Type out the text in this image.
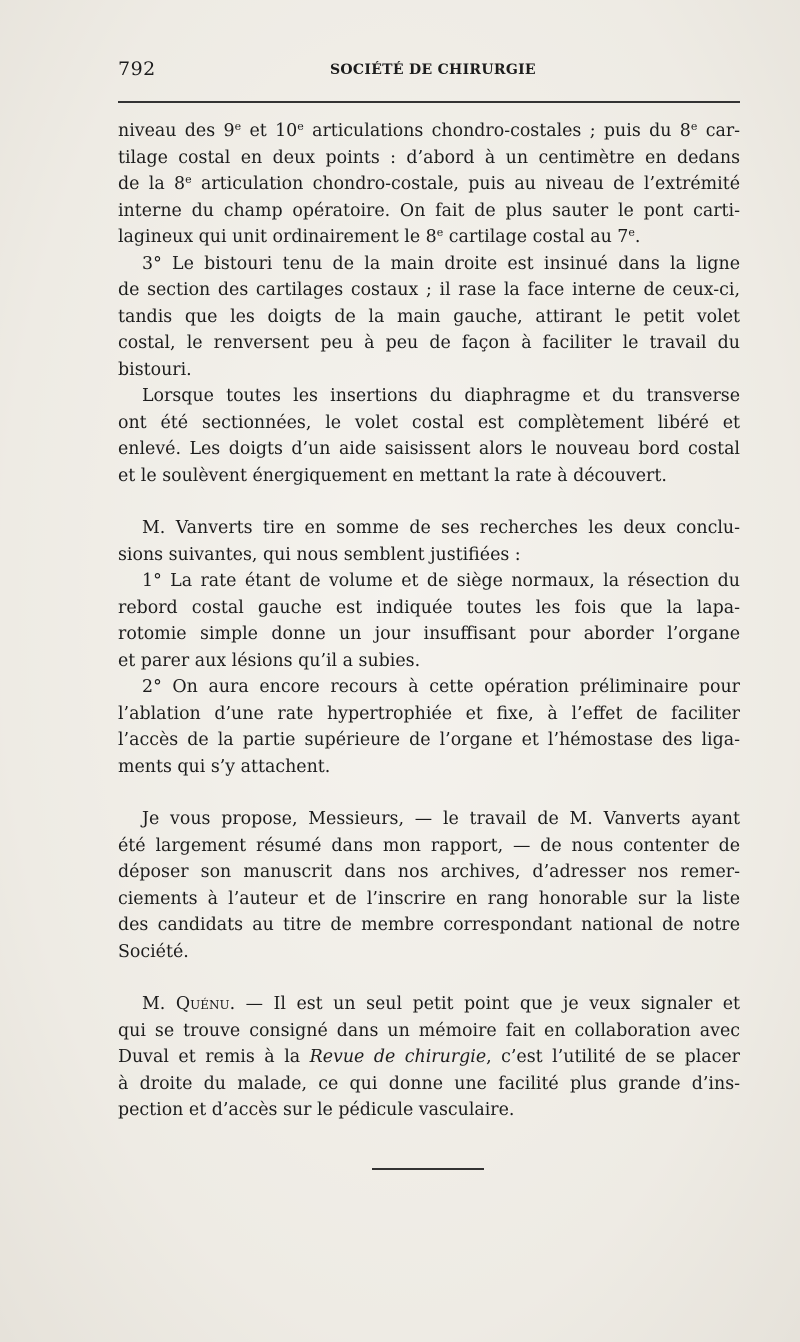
792	SOCIÉTÉ DE CHIRURGIE
niveau des 9e et 10e articulations chondro-costales ; puis du 8e car-
tilage costal en deux points : d’abord à un centimètre en dedans
de la 8e articulation chondro-costale, puis au niveau de l’extrémité
interne du champ opératoire. On fait de plus sauter le pont carti-
lagineux qui unit ordinairement le 8e cartilage costal au 7e.
3° Le bistouri tenu de la main droite est insinué dans la ligne
de section des cartilages costaux ; il rase la face interne de ceux-ci,
tandis que les doigts de la main gauche, attirant le petit volet
costal, le renversent peu à peu de façon à faciliter le travail du
bistouri.
Lorsque toutes les insertions du diaphragme et du transverse
ont été sectionnées, le volet costal est complètement libéré et
enlevé. Les doigts d’un aide saisissent alors le nouveau bord costal
et le soulèvent énergiquement en mettant la rate à découvert.
M. Vanverts tire en somme de ses recherches les deux conclu-
sions suivantes, qui nous semblent justifiées :
1° La rate étant de volume et de siège normaux, la résection du
rebord costal gauche est indiquée toutes les fois que la lapa-
rotomie simple donne un jour insuffisant pour aborder l’organe
et parer aux lésions qu’il a subies.
2° On aura encore recours à cette opération préliminaire pour
l’ablation d’une rate hypertrophiée et fixe, à l’effet de faciliter
l’accès de la partie supérieure de l’organe et l’hémostase des liga-
ments qui s’y attachent.
Je vous propose, Messieurs, — le travail de M. Vanverts ayant
été largement résumé dans mon rapport, — de nous contenter de
déposer son manuscrit dans nos archives, d’adresser nos remer-
ciements à l’auteur et de l’inscrire en rang honorable sur la liste
des candidats au titre de membre correspondant national de notre
Société.
M. Quénu. — Il est un seul petit point que je veux signaler et
qui se trouve consigné dans un mémoire fait en collaboration avec
Duval et remis à la Revue de chirurgie, c’est l’utilité de se placer
à droite du malade, ce qui donne une facilité plus grande d’ins-
pection et d’accès sur le pédicule vasculaire.
